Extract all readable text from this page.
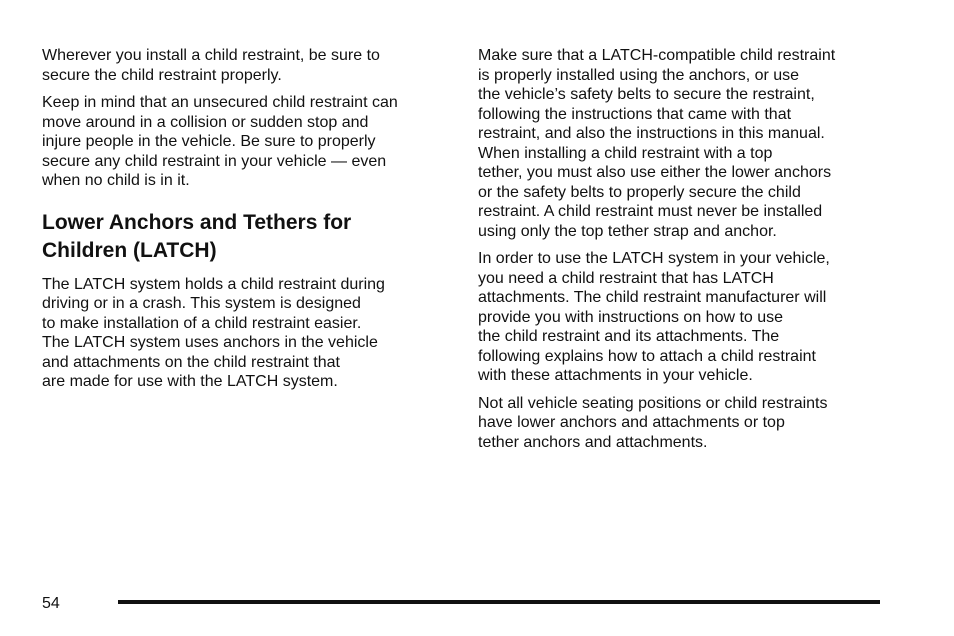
Wherever you install a child restraint, be sure to
secure the child restraint properly.

Keep in mind that an unsecured child restraint can
move around in a collision or sudden stop and
injure people in the vehicle. Be sure to properly
secure any child restraint in your vehicle — even
when no child is in it.

Lower Anchors and Tethers for
Children (LATCH)

The LATCH system holds a child restraint during
driving or in a crash. This system is designed
to make installation of a child restraint easier.
The LATCH system uses anchors in the vehicle
and attachments on the child restraint that
are made for use with the LATCH system.

Make sure that a LATCH-compatible child restraint
is properly installed using the anchors, or use
the vehicle’s safety belts to secure the restraint,
following the instructions that came with that
restraint, and also the instructions in this manual.
When installing a child restraint with a top
tether, you must also use either the lower anchors
or the safety belts to properly secure the child
restraint. A child restraint must never be installed
using only the top tether strap and anchor.

In order to use the LATCH system in your vehicle,
you need a child restraint that has LATCH
attachments. The child restraint manufacturer will
provide you with instructions on how to use
the child restraint and its attachments. The
following explains how to attach a child restraint
with these attachments in your vehicle.

Not all vehicle seating positions or child restraints
have lower anchors and attachments or top
tether anchors and attachments.

54
